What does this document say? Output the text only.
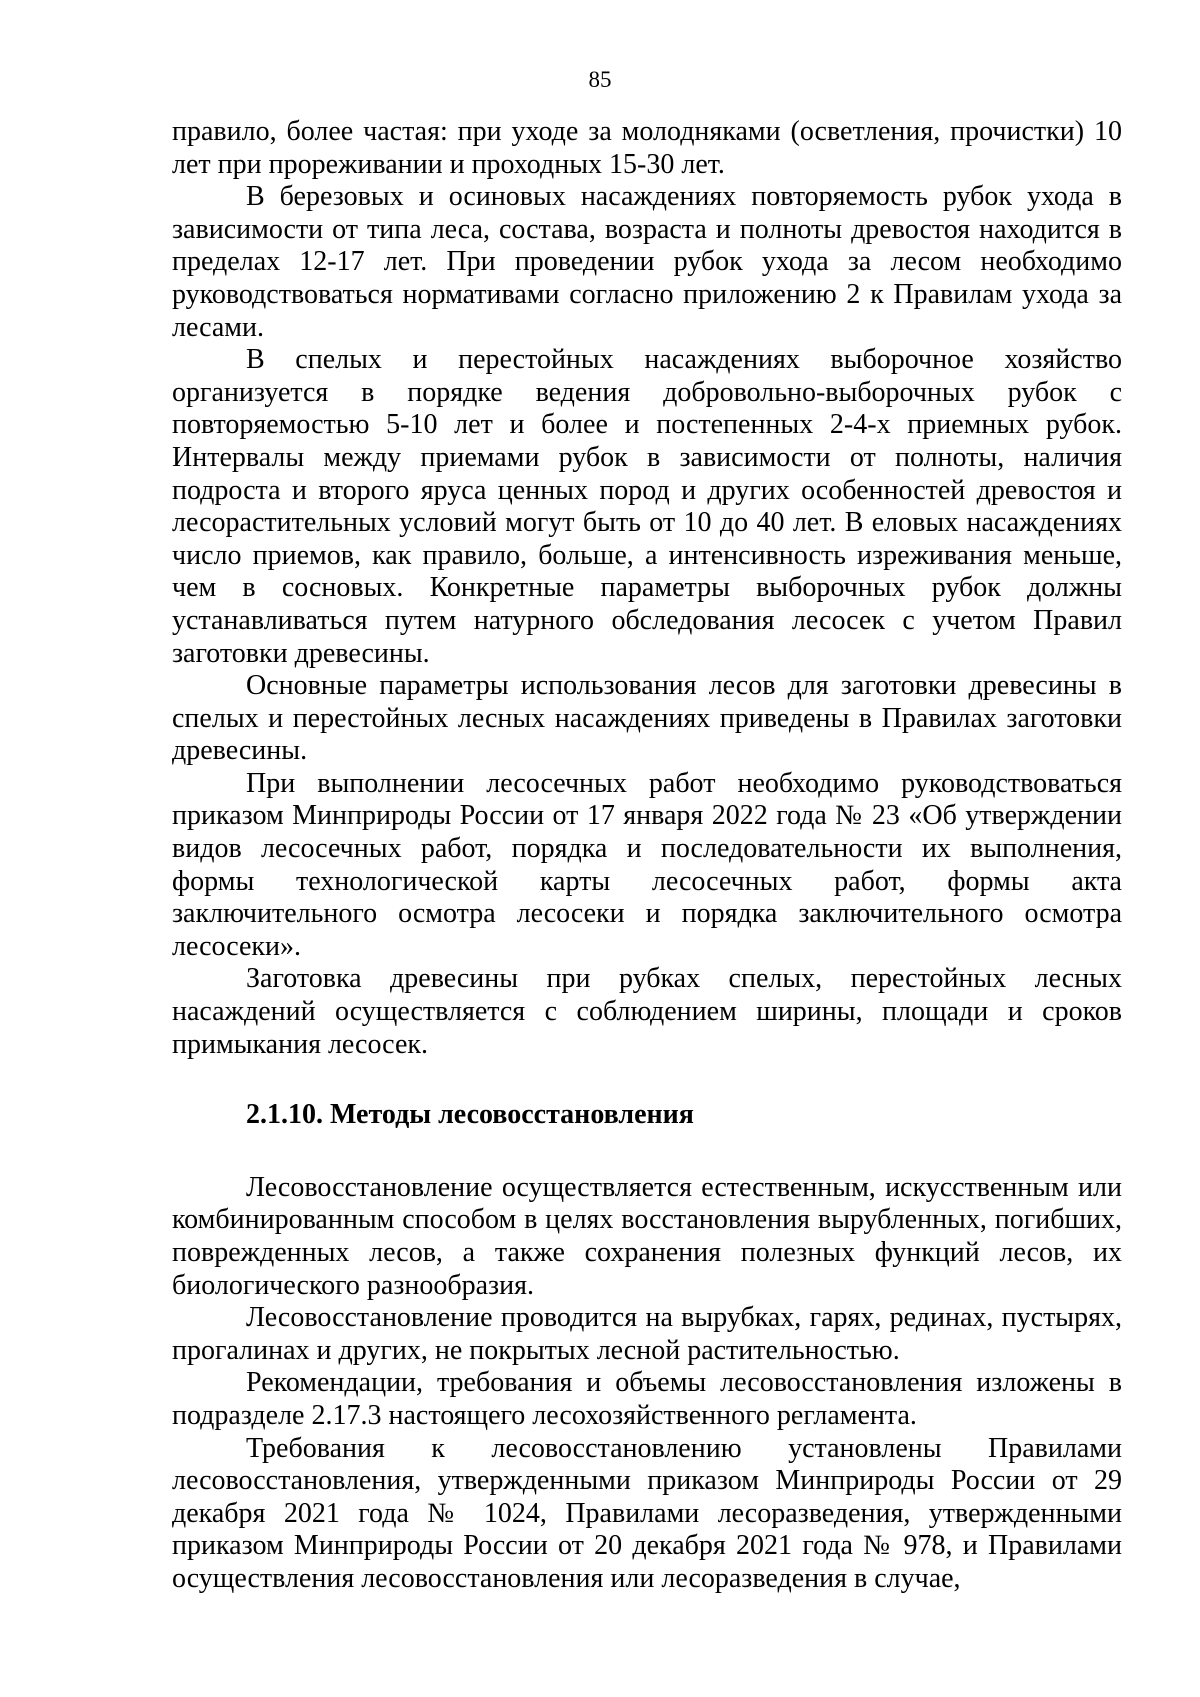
85

правило, более частая: при уходе за молодняками (осветления, прочистки) 10 лет при прореживании и проходных 15-30 лет.

В березовых и осиновых насаждениях повторяемость рубок ухода в зависимости от типа леса, состава, возраста и полноты древостоя находится в пределах 12-17 лет. При проведении рубок ухода за лесом необходимо руководствоваться нормативами согласно приложению 2 к Правилам ухода за лесами.

В спелых и перестойных насаждениях выборочное хозяйство организуется в порядке ведения добровольно-выборочных рубок с повторяемостью 5-10 лет и более и постепенных 2-4-х приемных рубок. Интервалы между приемами рубок в зависимости от полноты, наличия подроста и второго яруса ценных пород и других особенностей древостоя и лесорастительных условий могут быть от 10 до 40 лет. В еловых насаждениях число приемов, как правило, больше, а интенсивность изреживания меньше, чем в сосновых. Конкретные параметры выборочных рубок должны устанавливаться путем натурного обследования лесосек с учетом Правил заготовки древесины.

Основные параметры использования лесов для заготовки древесины в спелых и перестойных лесных насаждениях приведены в Правилах заготовки древесины.

При выполнении лесосечных работ необходимо руководствоваться приказом Минприроды России от 17 января 2022 года № 23 «Об утверждении видов лесосечных работ, порядка и последовательности их выполнения, формы технологической карты лесосечных работ, формы акта заключительного осмотра лесосеки и порядка заключительного осмотра лесосеки».

Заготовка древесины при рубках спелых, перестойных лесных насаждений осуществляется с соблюдением ширины, площади и сроков примыкания лесосек.

2.1.10. Методы лесовосстановления

Лесовосстановление осуществляется естественным, искусственным или комбинированным способом в целях восстановления вырубленных, погибших, поврежденных лесов, а также сохранения полезных функций лесов, их биологического разнообразия.

Лесовосстановление проводится на вырубках, гарях, рединах, пустырях, прогалинах и других, не покрытых лесной растительностью.

Рекомендации, требования и объемы лесовосстановления изложены в подразделе 2.17.3 настоящего лесохозяйственного регламента.

Требования к лесовосстановлению установлены Правилами лесовосстановления, утвержденными приказом Минприроды России от 29 декабря 2021 года № 1024, Правилами лесоразведения, утвержденными приказом Минприроды России от 20 декабря 2021 года № 978, и Правилами осуществления лесовосстановления или лесоразведения в случае,
